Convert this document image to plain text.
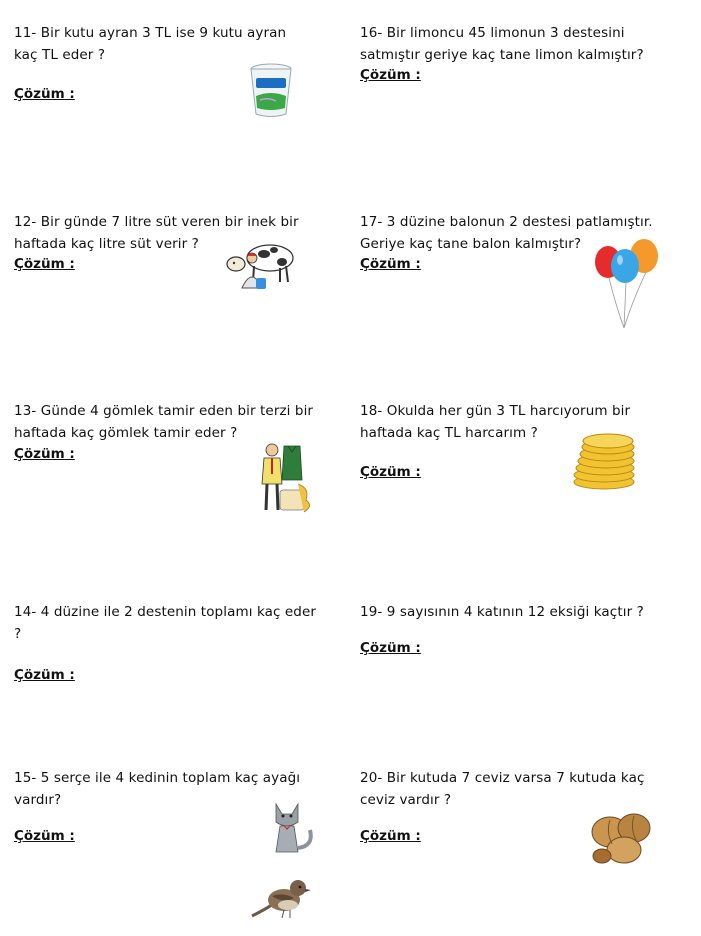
11- Bir kutu ayran 3 TL ise 9 kutu ayran
kaç TL eder ?
Çözüm :
12- Bir günde 7 litre süt veren bir inek bir
haftada kaç litre süt verir ?
Çözüm :
13- Günde 4 gömlek tamir eden bir terzi bir
haftada kaç gömlek tamir eder ?
Çözüm :
14- 4 düzine ile 2 destenin toplamı kaç eder
?
Çözüm :
15- 5 serçe ile 4 kedinin toplam kaç ayağı
vardır?
Çözüm :
16- Bir limoncu 45 limonun 3 destesini
satmıştır geriye kaç tane limon kalmıştır?
Çözüm :
17- 3 düzine balonun 2 destesi patlamıştır.
Geriye kaç tane balon kalmıştır?
Çözüm :
18- Okulda her gün 3 TL harcıyorum bir
haftada kaç TL harcarım ?
Çözüm :
19- 9 sayısının 4 katının 12 eksiği kaçtır ?
Çözüm :
20- Bir kutuda 7 ceviz varsa 7 kutuda kaç
ceviz vardır ?
Çözüm :
